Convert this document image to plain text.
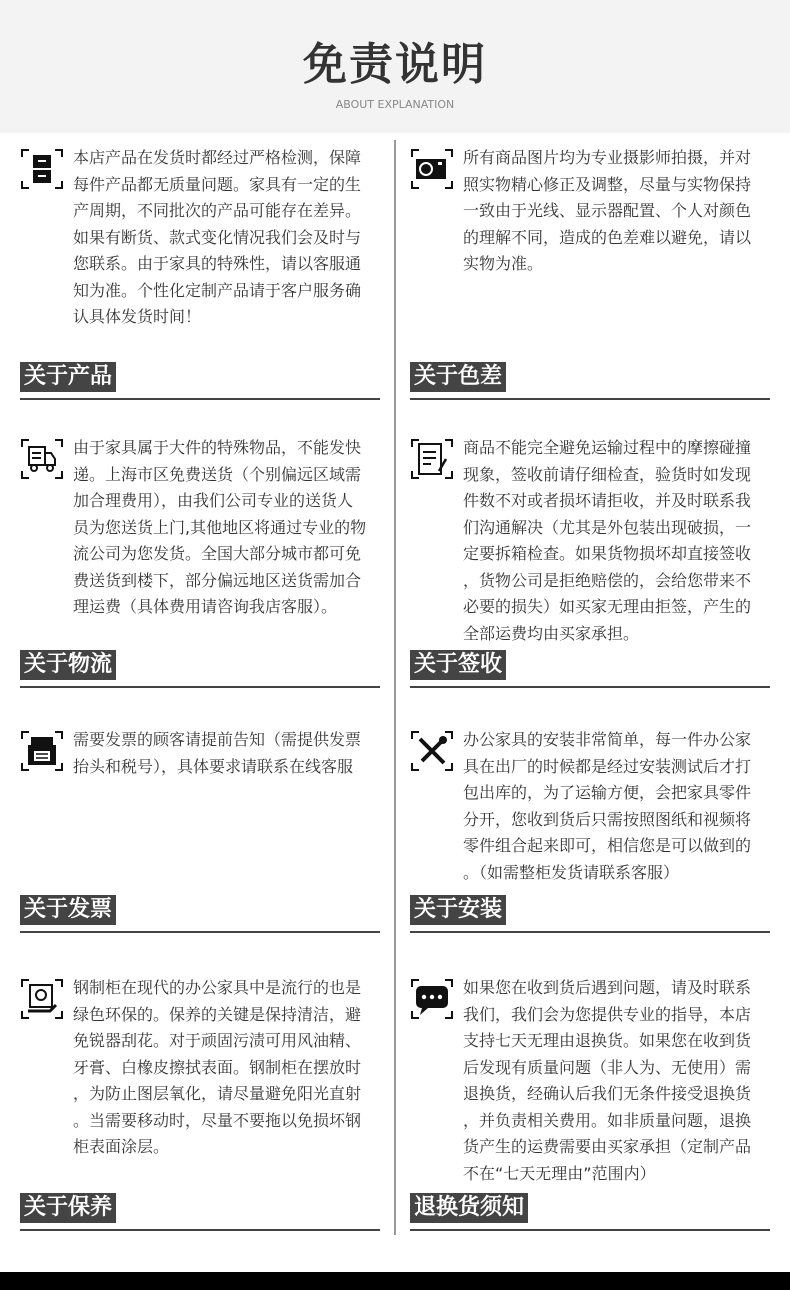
免责说明
ABOUT EXPLANATION
本店产品在发货时都经过严格检测，保障
每件产品都无质量问题。家具有一定的生
产周期，不同批次的产品可能存在差异。
如果有断货、款式变化情况我们会及时与
您联系。由于家具的特殊性，请以客服通
知为准。个性化定制产品请于客户服务确
认具体发货时间！
关于产品
所有商品图片均为专业摄影师拍摄，并对
照实物精心修正及调整，尽量与实物保持
一致由于光线、显示器配置、个人对颜色
的理解不同，造成的色差难以避免，请以
实物为准。
关于色差
由于家具属于大件的特殊物品，不能发快
递。上海市区免费送货（个别偏远区域需
加合理费用），由我们公司专业的送货人
员为您送货上门,其他地区将通过专业的物
流公司为您发货。全国大部分城市都可免
费送货到楼下，部分偏远地区送货需加合
理运费（具体费用请咨询我店客服）。
关于物流
商品不能完全避免运输过程中的摩擦碰撞
现象，签收前请仔细检查，验货时如发现
件数不对或者损坏请拒收，并及时联系我
们沟通解决（尤其是外包装出现破损，一
定要拆箱检查。如果货物损坏却直接签收
，货物公司是拒绝赔偿的，会给您带来不
必要的损失）如买家无理由拒签，产生的
全部运费均由买家承担。
关于签收
需要发票的顾客请提前告知（需提供发票
抬头和税号），具体要求请联系在线客服
关于发票
办公家具的安装非常简单，每一件办公家
具在出厂的时候都是经过安装测试后才打
包出库的，为了运输方便，会把家具零件
分开，您收到货后只需按照图纸和视频将
零件组合起来即可，相信您是可以做到的
。（如需整柜发货请联系客服）
关于安装
钢制柜在现代的办公家具中是流行的也是
绿色环保的。保养的关键是保持清洁，避
免锐器刮花。对于顽固污渍可用风油精、
牙膏、白橡皮擦拭表面。钢制柜在摆放时
，为防止图层氧化，请尽量避免阳光直射
。当需要移动时，尽量不要拖以免损坏钢
柜表面涂层。
关于保养
如果您在收到货后遇到问题，请及时联系
我们，我们会为您提供专业的指导，本店
支持七天无理由退换货。如果您在收到货
后发现有质量问题（非人为、无使用）需
退换货，经确认后我们无条件接受退换货
，并负责相关费用。如非质量问题，退换
货产生的运费需要由买家承担（定制产品
不在“七天无理由”范围内）
退换货须知
